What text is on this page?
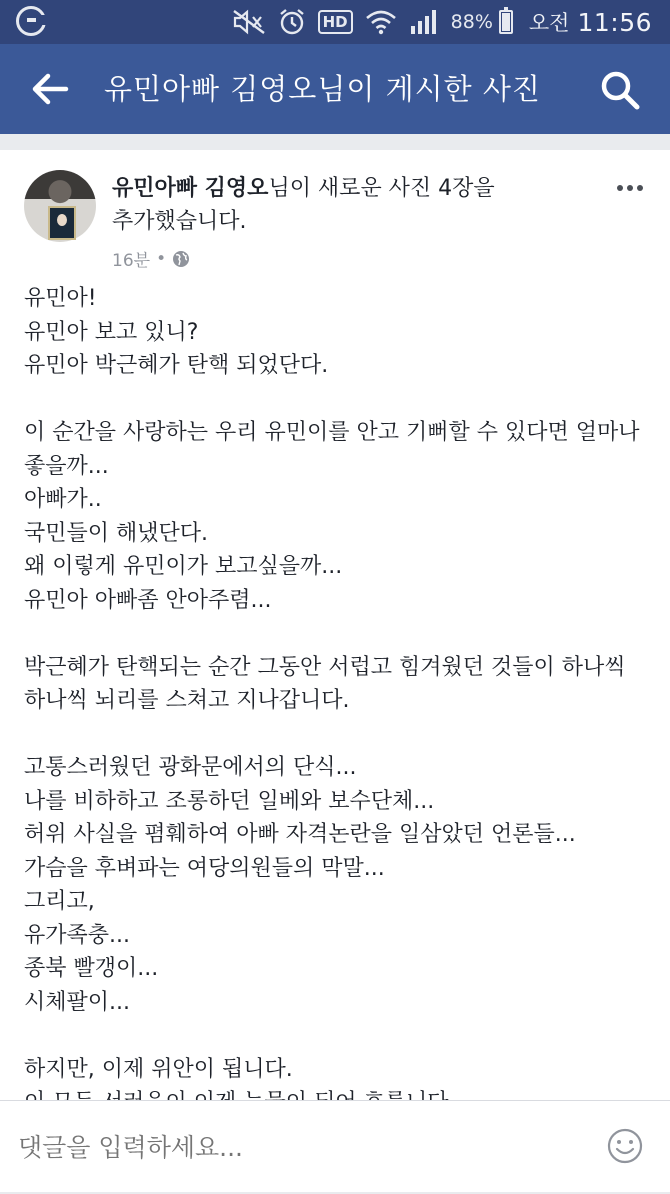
HD	88% 오전 11:56
유민아빠 김영오님이 게시한 사진
유민아빠 김영오님이 새로운 사진 4장을
추가했습니다.
16분 •
유민아!
유민아 보고 있니?
유민아 박근혜가 탄핵 되었단다.

이 순간을 사랑하는 우리 유민이를 안고 기뻐할 수 있다면 얼마나
좋을까...
아빠가..
국민들이 해냈단다.
왜 이렇게 유민이가 보고싶을까...
유민아 아빠좀 안아주렴...

박근혜가 탄핵되는 순간 그동안 서럽고 힘겨웠던 것들이 하나씩
하나씩 뇌리를 스쳐고 지나갑니다.

고통스러웠던 광화문에서의 단식...
나를 비하하고 조롱하던 일베와 보수단체...
허위 사실을 폄훼하여 아빠 자격논란을 일삼았던 언론들...
가슴을 후벼파는 여당의원들의 막말...
그리고,
유가족충...
종북 빨갱이...
시체팔이...

하지만, 이제 위안이 됩니다.

댓글을 입력하세요...
